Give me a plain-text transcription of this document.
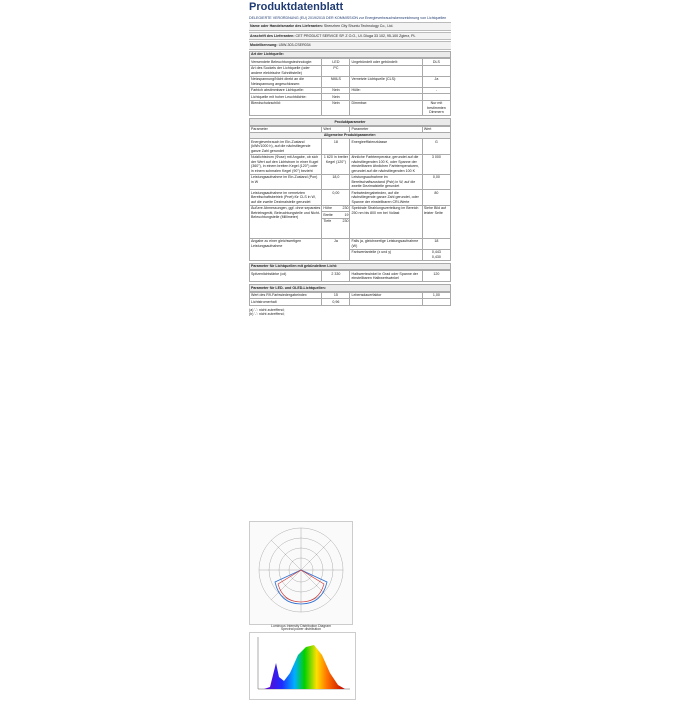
Produktdatenblatt
DELEGIERTE VERORDNUNG (EU) 2019/2015 DER KOMMISSION zur Energieverbrauchskennzeichnung von Lichtquellen
Name oder Handelsmarke des Lieferanten: Shenzhen City Shuntu Technology Co., Ltd.
Anschrift des Lieferanten: CET PRODUCT SERVICE SP. Z O.O., Ul. Dluga 33 102, 95-100 Zgierz, PL
Modellkennung: LBW-303-CSER034
Art der Lichtquelle:
Verwendete Beleuchtungstechnologie:	LED	Ungebündelt oder gebündelt:	DLS
Art des Sockels der Lichtquelle (oder andere elektrische Schnittstelle)	PC		
Netzspannung/Nicht direkt an die Netzspannung angeschlossen:	NMLS	Vernetzte Lichtquelle (CLS):	Ja
Farbich abstimmbare Lichtquelle:	Nein	Hülle:	-
Lichtquelle mit hoher Leuchtdichte:	Nein		
Blendschutzschild:	Nein	Dimmbar:	Nur mit bestimmten Dimmern
Produktparameter
Parameter	Wert	Parameter	Wert
Allgemeine Produktparameter:			
Energieverbrauch im Ein-Zustand (kWh/1000 h), auf die nächstliegende ganze Zahl gerundet	18	Energieeffizienzklasse	G
Nutzlichtstrom (Φuse) mit Angabe, ob sich der Wert auf den Lichtstrom in einer Kugel (360°), in einem breiten Kegel (120°) oder in einem schmalen Kegel (90°) bezieht	1 620 in breiter Kegel (120°)	ähnliche Farbtemperatur, gerundet auf die nächstliegenden 100 K, oder Spanne der einstellbaren ähnlichen Farbtemperaturen, gerundet auf die nächstliegenden 100 K	3 000
Leistungsaufnahme im Ein-Zustand (Pon) in W	18,0	Leistungsaufnahme im Bereitschaftszustand (Psb) in W, auf die zweite Dezimalstelle gerundet	0,00
Leistungsaufnahme im vernetzten Bereitschaftsbetrieb (Pnet) für CLS in W, auf die zweite Dezimalstelle gerundet	0,00	Farbwiedergabeindex, auf die nächstliegende ganze Zahl gerundet, oder Spanne der einstellbaren CRI-Werte	80
Äußere Abmessungen, ggf. ohne separates Betriebsgerät, Beleuchtungsteile und Nicht-Beleuchtungsteile (Millimeter)	Höhe 230	Spektrale Strahlungsverteilung im Bereich 250 nm bis 800 nm bei Vollast	Siehe Bild auf letzter Seite
	Breite 19		

	Tiefe 230		

Angabe zu einer gleichwertigen Leistungsaufnahme	Ja	Falls ja, gleichwertige Leistungsaufnahme (W)	18
		Farbwertanteile (x und y)	0,443
0,430
Parameter für Lichtquellen mit gebündeltem Licht:
Spitzenlichtstärke (cd)	2 330	Halbwertswinkel in Grad oder Spanne der einstellbaren Halbwertswinkel	120
Parameter für LED- und OLED-Lichtquellen:
Wert des R9-Farbwiedergabeindex	15	Lebensdauerfaktor	1,00
Lichtstromerhalt	0,96		
(a) '-': nicht zutreffend;
(b) '-': nicht zutreffend;
Luminous Intensity Distribution Diagram
Spectral power distribution
